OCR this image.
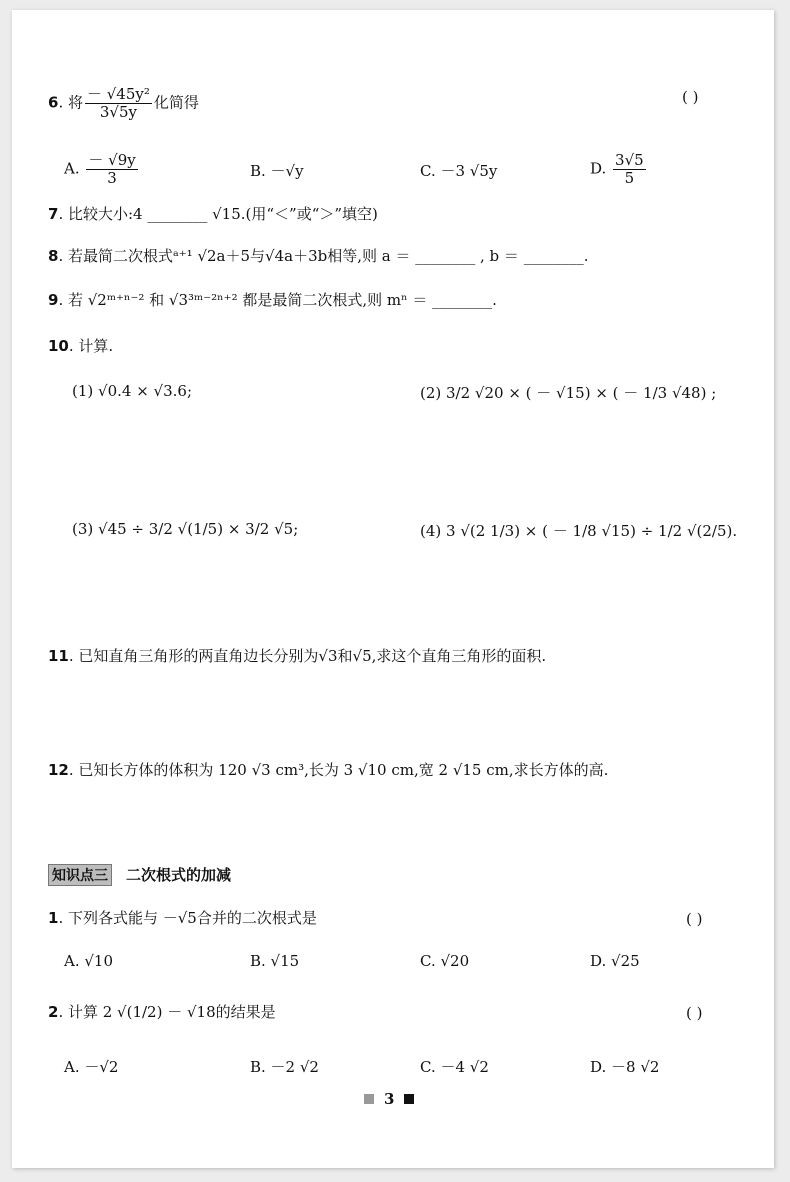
6. 将 $\frac{\text{－ √45y²}}{3√5y}$ 化简得	( )
A. $\frac{- √9y}{3}$	B. －√y	C. －3 √5y	D. $\frac{3√5}{5}$
7. 比较大小:4 ________ √15.(用“＜”或“＞”填空)
8. 若最简二次根式ᵃ⁺¹ √2a＋5与√4a＋3b相等,则 a ＝ ________ , b ＝ ________.
9. 若 √2ᵐ⁺ⁿ⁻² 和 √3³ᵐ⁻²ⁿ⁺² 都是最简二次根式,则 mⁿ ＝ ________.
10. 计算.
(1) √0.4 × √3.6;	(2) 3/2 √20 × ( － √15) × ( － 1/3 √48) ;
(3) √45 ÷ 3/2 √(1/5) × 3/2 √5;	(4) 3 √(2 1/3) × ( － 1/8 √15) ÷ 1/2 √(2/5).
11. 已知直角三角形的两直角边长分别为√3和√5,求这个直角三角形的面积.
12. 已知长方体的体积为 120 √3 cm³,长为 3 √10 cm,宽 2 √15 cm,求长方体的高.
知识点三 二次根式的加减
1. 下列各式能与 －√5合并的二次根式是	( )
A. √10	B. √15	C. √20	D. √25
2. 计算 2 √(1/2) － √18的结果是	( )
A. －√2	B. －2 √2	C. －4 √2	D. －8 √2
3
